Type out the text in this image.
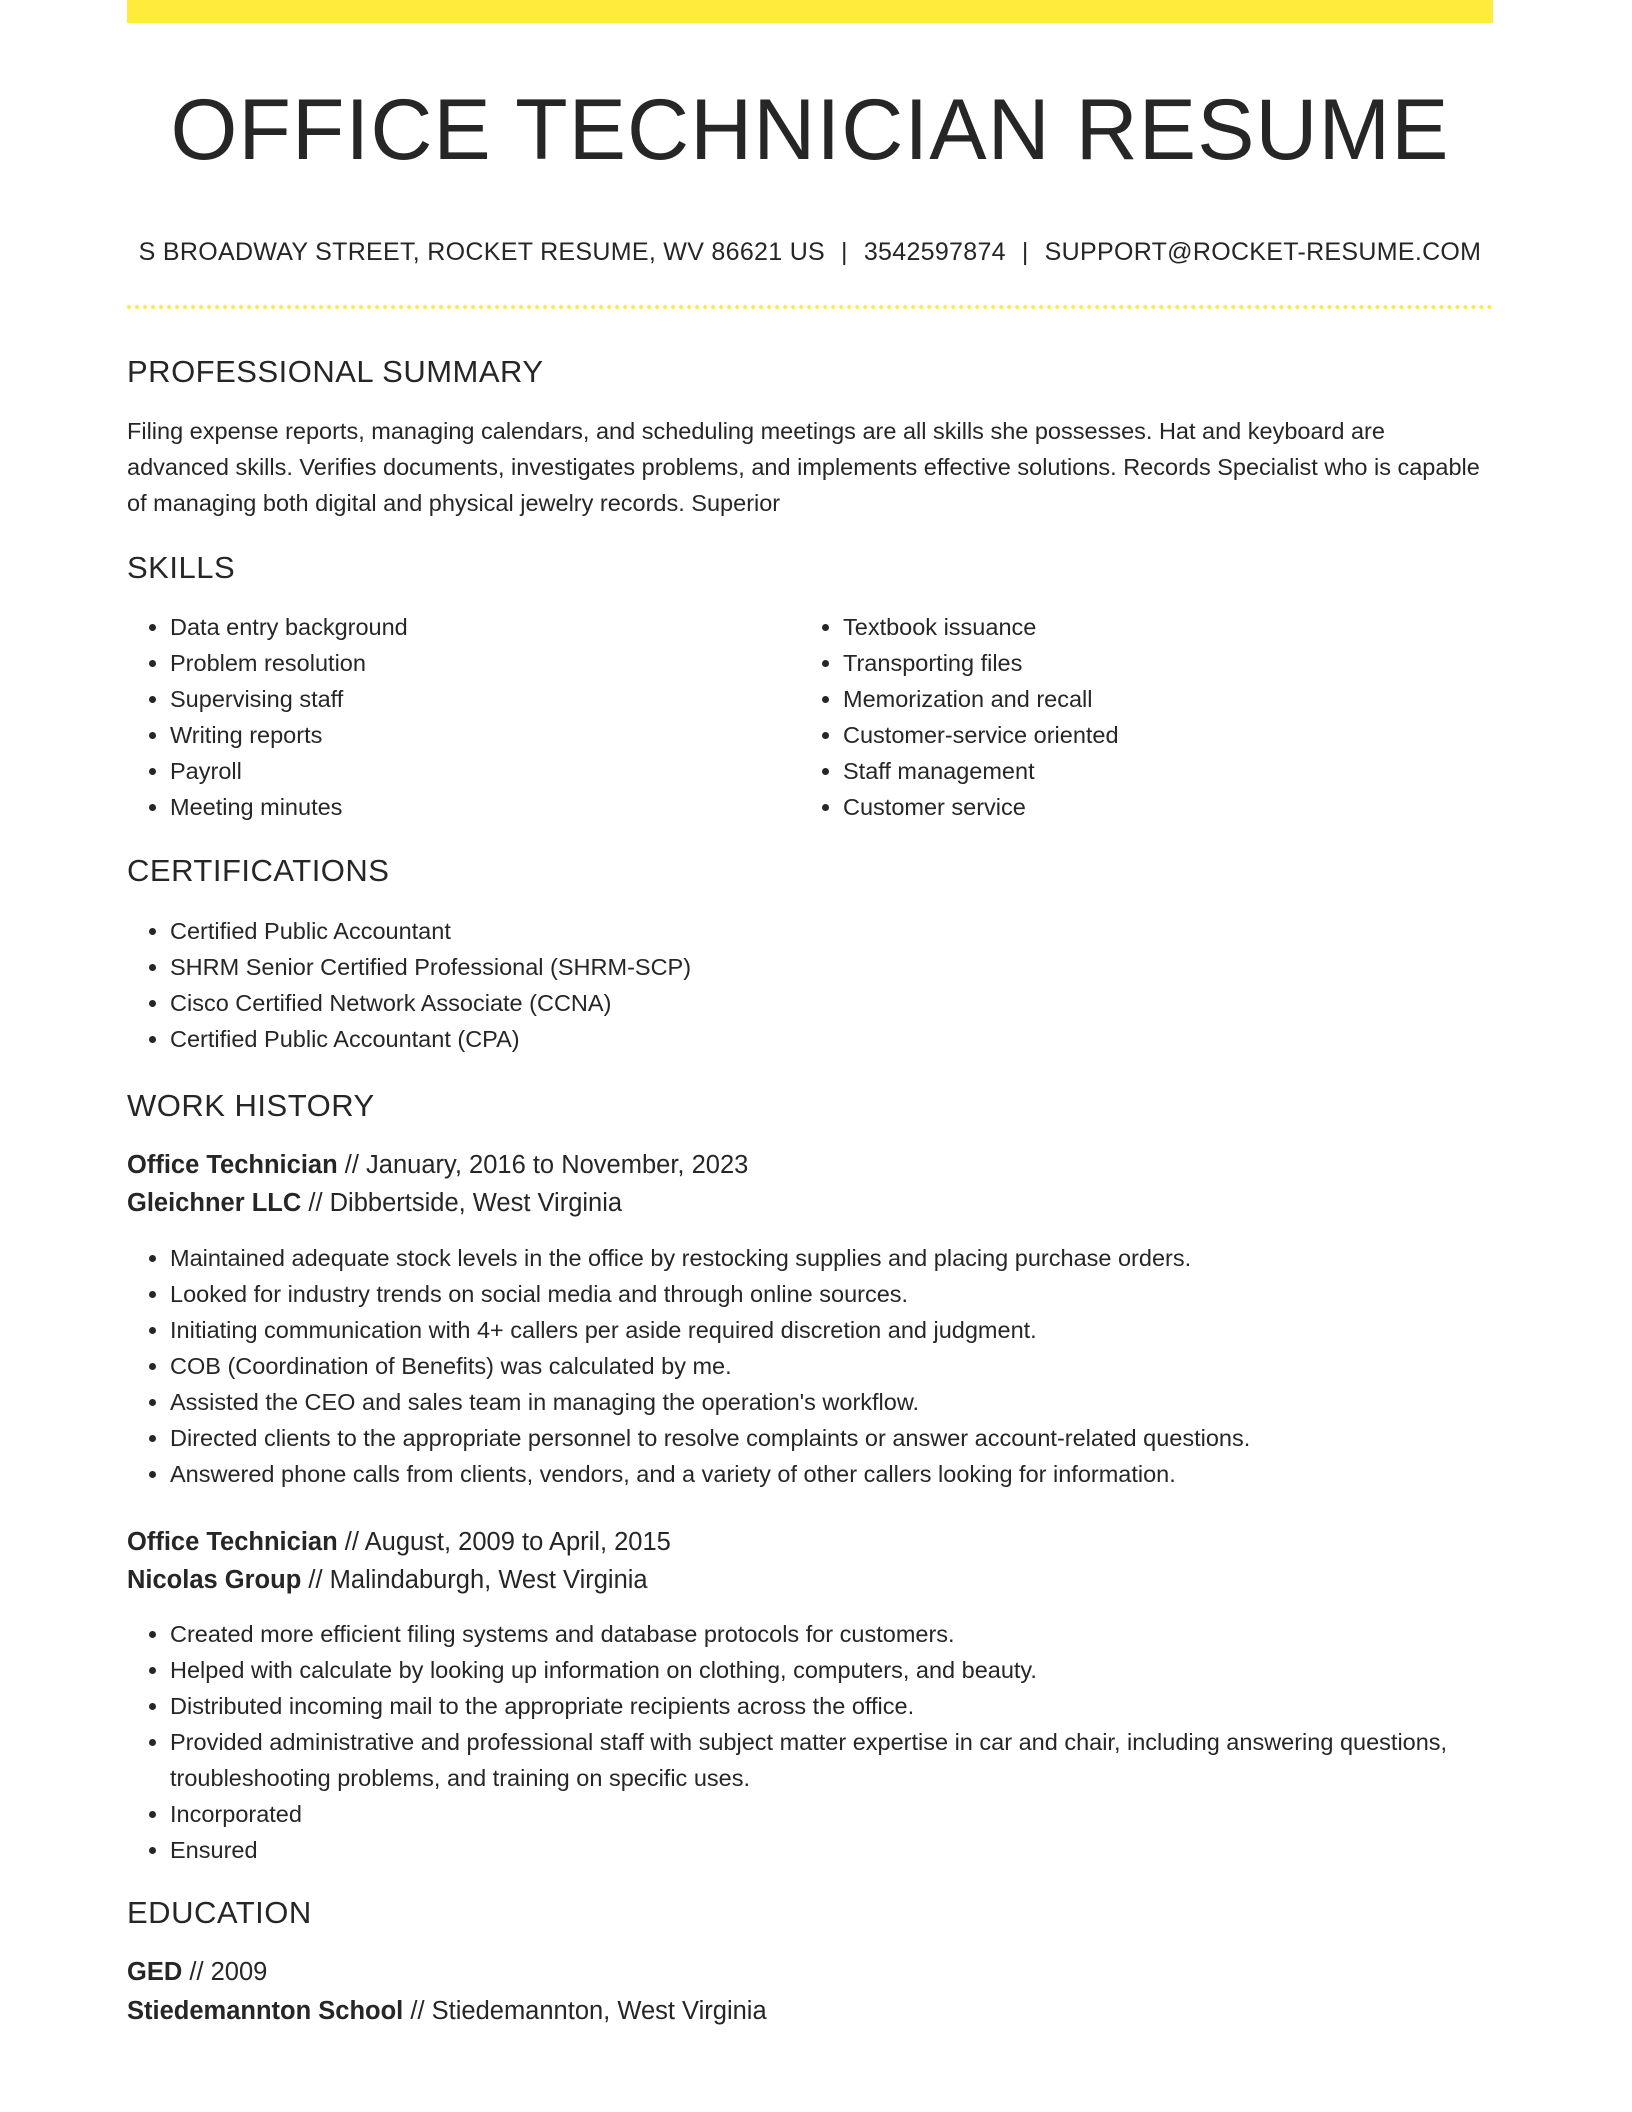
OFFICE TECHNICIAN RESUME
S BROADWAY STREET, ROCKET RESUME, WV 86621 US | 3542597874 | SUPPORT@ROCKET-RESUME.COM
PROFESSIONAL SUMMARY

Filing expense reports, managing calendars, and scheduling meetings are all skills she possesses. Hat and keyboard are advanced skills. Verifies documents, investigates problems, and implements effective solutions. Records Specialist who is capable of managing both digital and physical jewelry records. Superior

SKILLS
• Data entry background
• Problem resolution
• Supervising staff
• Writing reports
• Payroll
• Meeting minutes
• Textbook issuance
• Transporting files
• Memorization and recall
• Customer-service oriented
• Staff management
• Customer service
CERTIFICATIONS
• Certified Public Accountant
• SHRM Senior Certified Professional (SHRM-SCP)
• Cisco Certified Network Associate (CCNA)
• Certified Public Accountant (CPA)
WORK HISTORY
Office Technician // January, 2016 to November, 2023
Gleichner LLC // Dibbertside, West Virginia
• Maintained adequate stock levels in the office by restocking supplies and placing purchase orders.
• Looked for industry trends on social media and through online sources.
• Initiating communication with 4+ callers per aside required discretion and judgment.
• COB (Coordination of Benefits) was calculated by me.
• Assisted the CEO and sales team in managing the operation's workflow.
• Directed clients to the appropriate personnel to resolve complaints or answer account-related questions.
• Answered phone calls from clients, vendors, and a variety of other callers looking for information.
Office Technician // August, 2009 to April, 2015
Nicolas Group // Malindaburgh, West Virginia
• Created more efficient filing systems and database protocols for customers.
• Helped with calculate by looking up information on clothing, computers, and beauty.
• Distributed incoming mail to the appropriate recipients across the office.
• Provided administrative and professional staff with subject matter expertise in car and chair, including answering questions, troubleshooting problems, and training on specific uses.
• Incorporated
• Ensured
EDUCATION
GED // 2009
Stiedemannton School // Stiedemannton, West Virginia
